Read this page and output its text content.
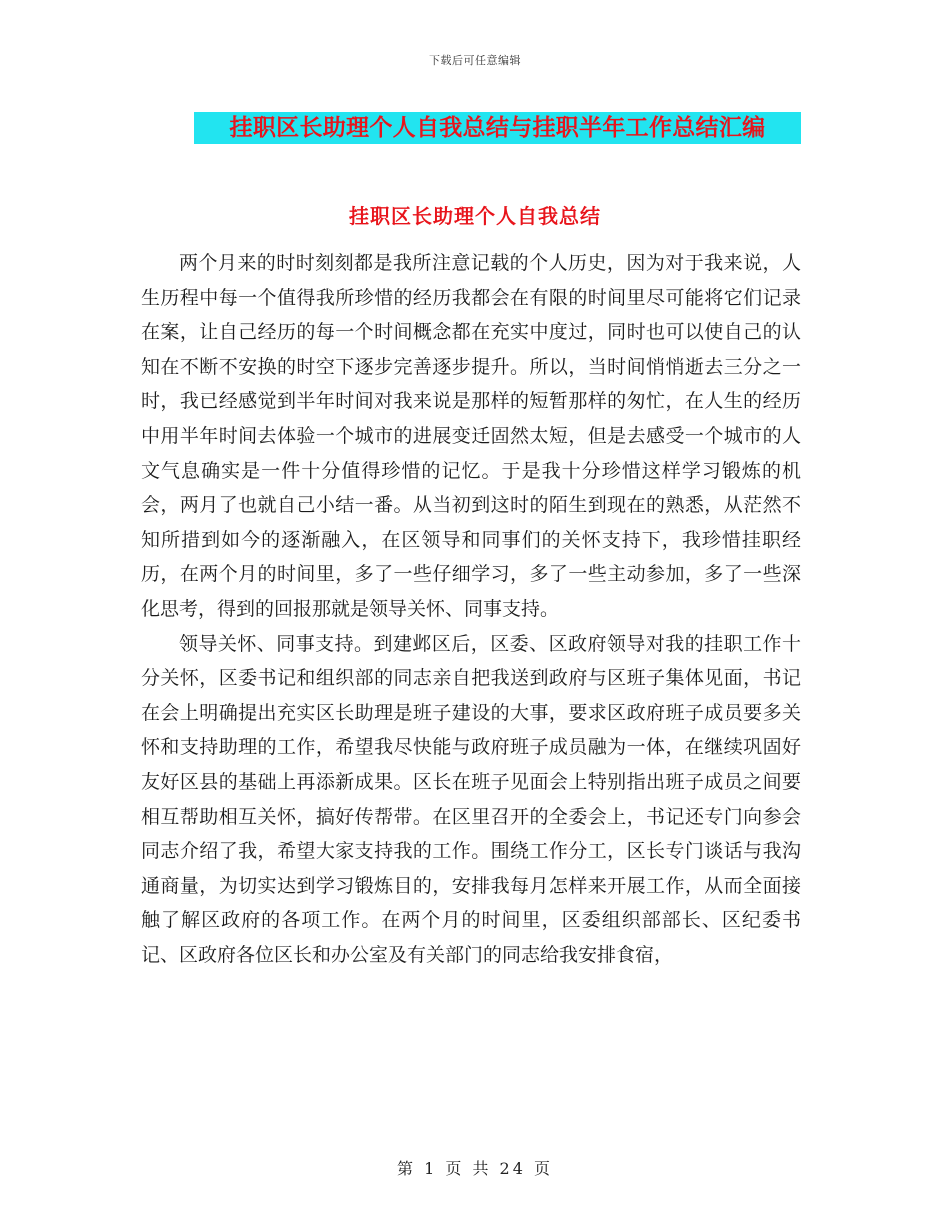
下载后可任意编辑
挂职区长助理个人自我总结与挂职半年工作总结汇编
挂职区长助理个人自我总结

两个月来的时时刻刻都是我所注意记载的个人历史，因为对于我来说，人生历程中每一个值得我所珍惜的经历我都会在有限的时间里尽可能将它们记录在案，让自己经历的每一个时间概念都在充实中度过，同时也可以使自己的认知在不断不安换的时空下逐步完善逐步提升。所以，当时间悄悄逝去三分之一时，我已经感觉到半年时间对我来说是那样的短暂那样的匆忙，在人生的经历中用半年时间去体验一个城市的进展变迁固然太短，但是去感受一个城市的人文气息确实是一件十分值得珍惜的记忆。于是我十分珍惜这样学习锻炼的机会，两月了也就自己小结一番。从当初到这时的陌生到现在的熟悉，从茫然不知所措到如今的逐渐融入，在区领导和同事们的关怀支持下，我珍惜挂职经历，在两个月的时间里，多了一些仔细学习，多了一些主动参加，多了一些深化思考，得到的回报那就是领导关怀、同事支持。

领导关怀、同事支持。到建邺区后，区委、区政府领导对我的挂职工作十分关怀，区委书记和组织部的同志亲自把我送到政府与区班子集体见面，书记在会上明确提出充实区长助理是班子建设的大事，要求区政府班子成员要多关怀和支持助理的工作，希望我尽快能与政府班子成员融为一体，在继续巩固好友好区县的基础上再添新成果。区长在班子见面会上特别指出班子成员之间要相互帮助相互关怀，搞好传帮带。在区里召开的全委会上，书记还专门向参会同志介绍了我，希望大家支持我的工作。围绕工作分工，区长专门谈话与我沟通商量，为切实达到学习锻炼目的，安排我每月怎样来开展工作，从而全面接触了解区政府的各项工作。在两个月的时间里，区委组织部部长、区纪委书记、区政府各位区长和办公室及有关部门的同志给我安排食宿，

第 1 页 共 24 页
